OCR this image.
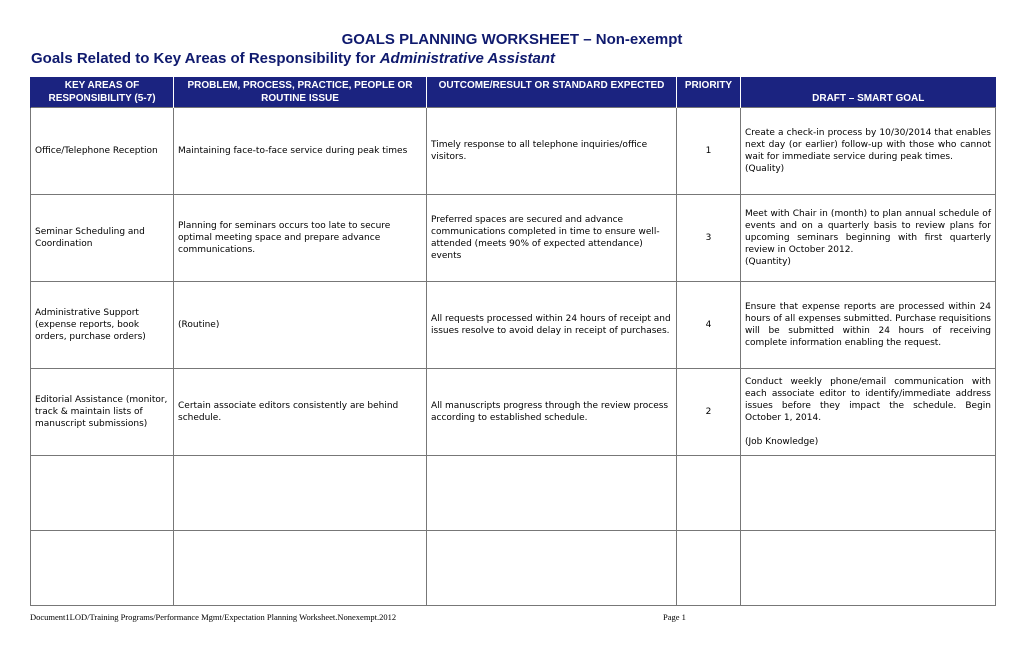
GOALS PLANNING WORKSHEET – Non-exempt
Goals Related to Key Areas of Responsibility for Administrative Assistant
KEY AREAS OF RESPONSIBILITY (5-7)	PROBLEM, PROCESS, PRACTICE, PEOPLE OR ROUTINE ISSUE	OUTCOME/RESULT OR STANDARD EXPECTED	PRIORITY	DRAFT – SMART GOAL
Office/Telephone Reception	Maintaining face-to-face service during peak times	Timely response to all telephone inquiries/office visitors.	1	Create a check-in process by 10/30/2014 that enables next day (or earlier) follow-up with those who cannot wait for immediate service during peak times.
(Quality)

Seminar Scheduling and Coordination	Planning for seminars occurs too late to secure optimal meeting space and prepare advance communications.	Preferred spaces are secured and advance communications completed in time to ensure well-attended (meets 90% of expected attendance) events	3	Meet with Chair in (month) to plan annual schedule of events and on a quarterly basis to review plans for upcoming seminars beginning with first quarterly review in October 2012.
(Quantity)

Administrative Support (expense reports, book orders, purchase orders)	(Routine)	All requests processed within 24 hours of receipt and issues resolve to avoid delay in receipt of purchases.	4	Ensure that expense reports are processed within 24 hours of all expenses submitted. Purchase requisitions will be submitted within 24 hours of receiving complete information enabling the request.

Editorial Assistance (monitor, track & maintain lists of manuscript submissions)	Certain associate editors consistently are behind schedule.	All manuscripts progress through the review process according to established schedule.	2	Conduct weekly phone/email communication with each associate editor to identify/immediate address issues before they impact the schedule. Begin October 1, 2014.
(Job Knowledge)

Document1LOD/Training Programs/Performance Mgmt/Expectation Planning Worksheet.Nonexempt.2012	Page 1
